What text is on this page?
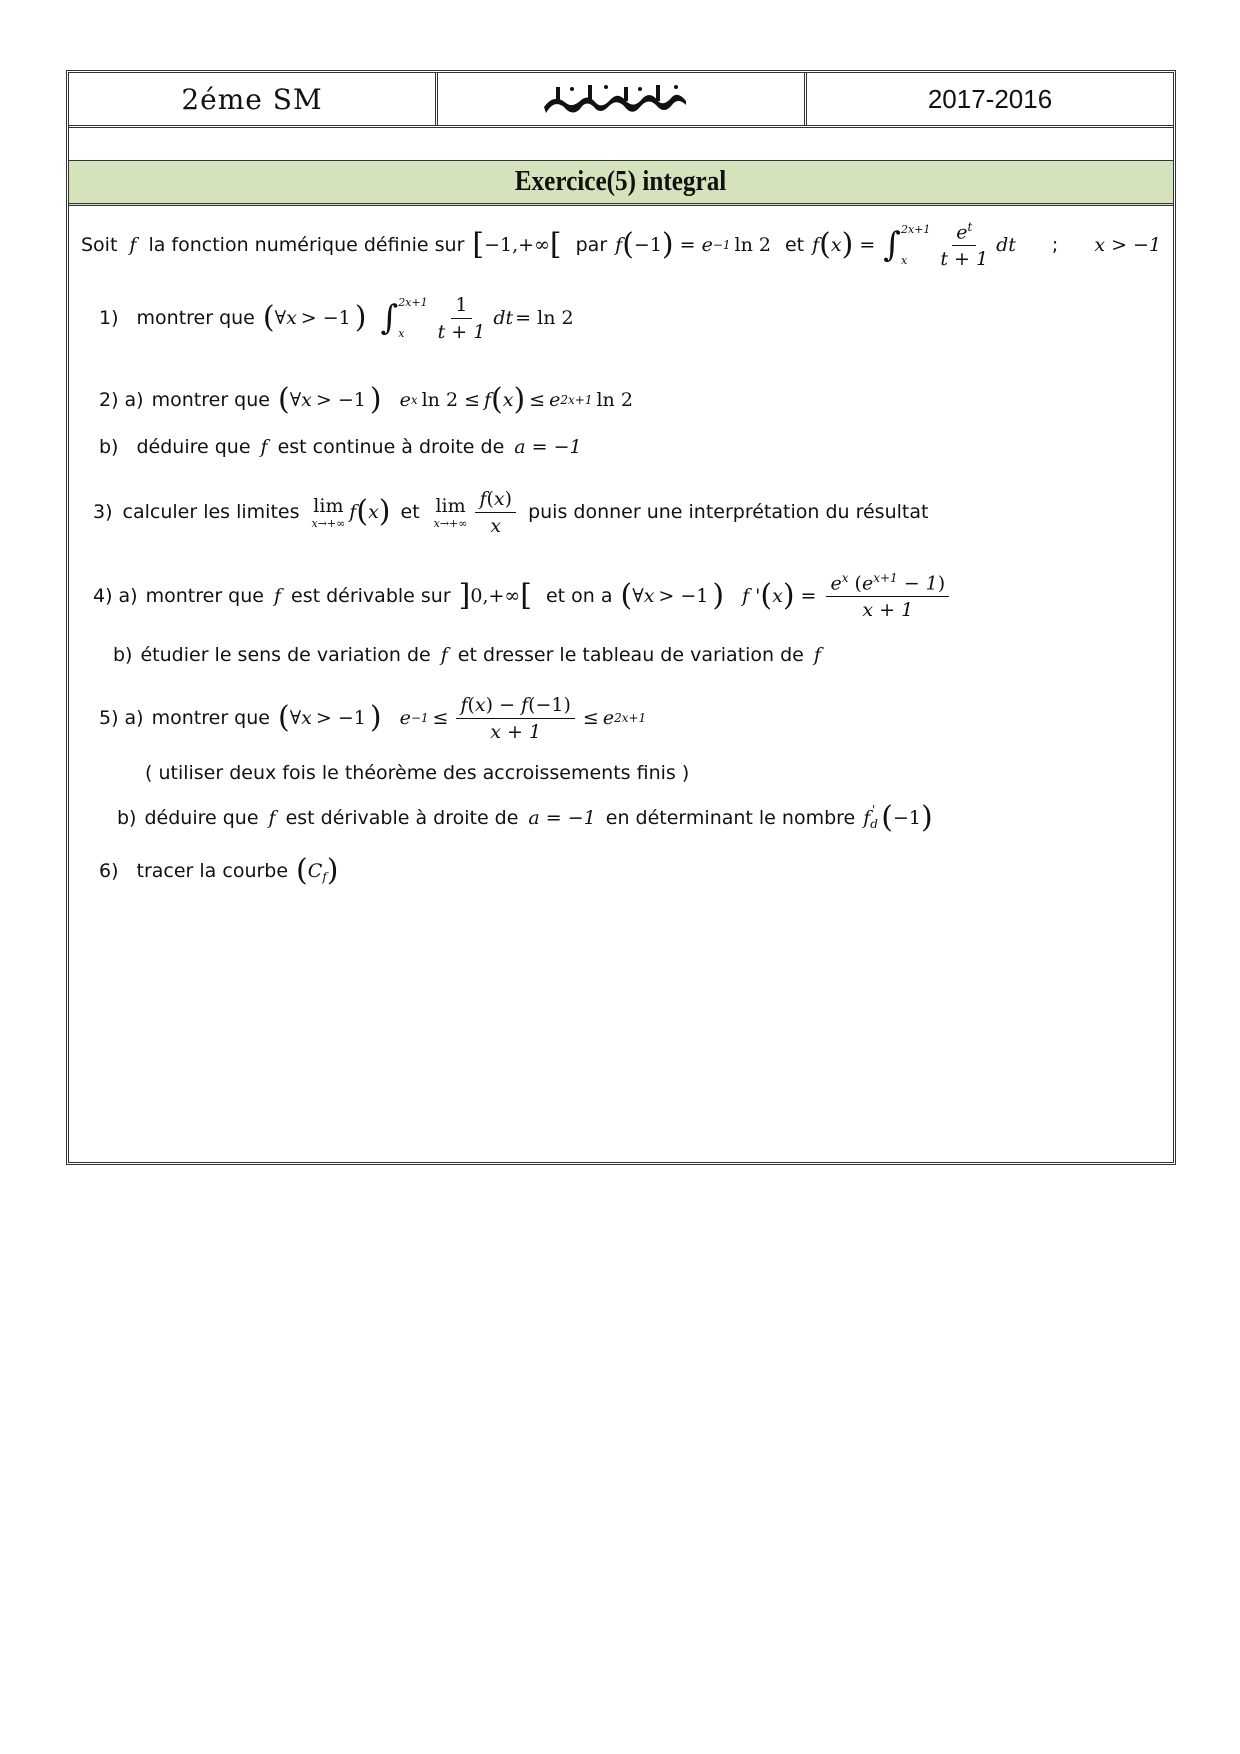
2éme SM	2017-2016
Exercice(5) integral
Soit f la fonction numérique définie sur [ −1,+∞ [ par f ( −1 ) = e −1 ln 2 et f ( x ) = ∫ 2x+1
x	$\frac{e^t}{t + 1}$ dt ; x > −1
1) montrer que ( ∀ x > −1 ) ∫ 2x+1
x	$\frac{1}{t + 1}$ dt = ln 2
2) a) montrer que ( ∀ x > −1 ) e x ln 2 ≤ f ( x ) ≤ e 2x+1 ln 2
b) déduire que f est continue à droite de a = −1
3) calculer les limites lim
x→+∞ f ( x ) et lim
$x\to+\infty \frac{f(x)}{x}$ puis donner une interprétation du résultat
4) a) montrer que f est dérivable sur ] 0,+∞ [ et on a ( ∀ x > −1 ) f ' ( x ) = $\frac{e^x (e^{x+1} - 1)}{x + 1}$
b) étudier le sens de variation de f et dresser le tableau de variation de f
5) a) montrer que ( ∀ x > −1 ) $e -1 \le \frac{f(x) - f(-1)}{x + 1} \le e$ 2x+1
( utiliser deux fois le théorème des accroissements finis )
b) déduire que f est dérivable à droite de a = −1 en déterminant le nombre $f_d$
' ( −1 )
6) tracer la courbe ( $C_f$ )
